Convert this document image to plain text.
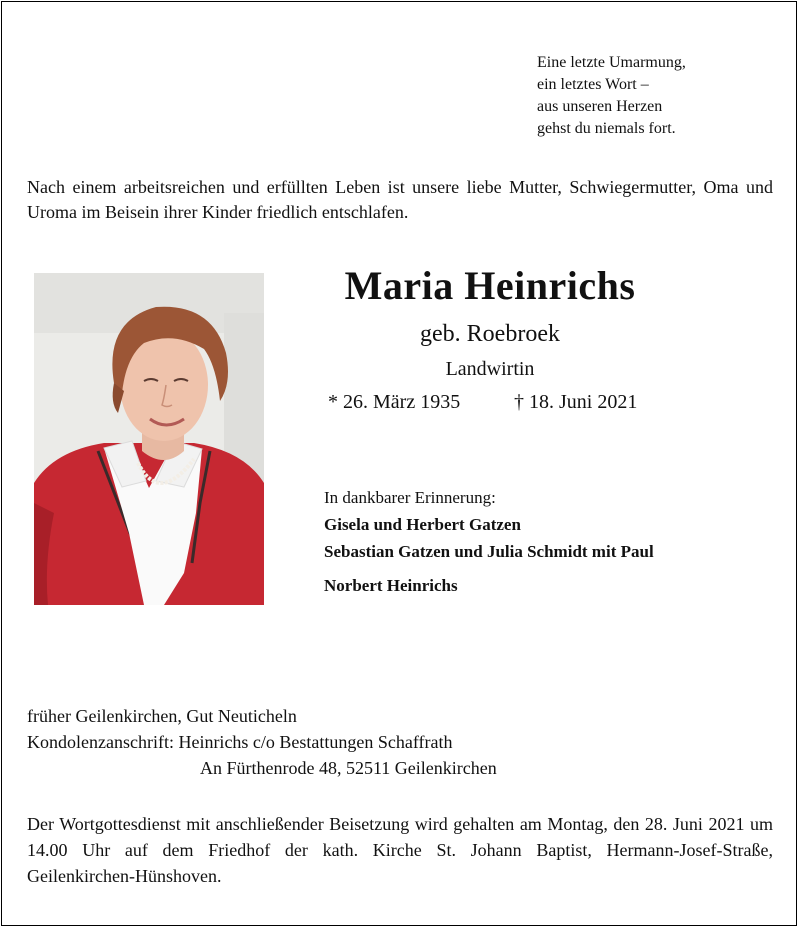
Eine letzte Umarmung,
ein letztes Wort –
aus unseren Herzen
gehst du niemals fort.
Nach einem arbeitsreichen und erfüllten Leben ist unsere liebe Mutter, Schwiegermutter, Oma und Uroma im Beisein ihrer Kinder friedlich entschlafen.
Maria Heinrichs
geb. Roebroek
Landwirtin
* 26. März 1935	† 18. Juni 2021
In dankbarer Erinnerung:
Gisela und Herbert Gatzen
Sebastian Gatzen und Julia Schmidt mit Paul
Norbert Heinrichs
früher Geilenkirchen, Gut Neuticheln
Kondolenzanschrift: Heinrichs c/o Bestattungen Schaffrath
An Fürthenrode 48, 52511 Geilenkirchen
Der Wortgottesdienst mit anschließender Beisetzung wird gehalten am Montag, den 28. Juni 2021 um 14.00 Uhr auf dem Friedhof der kath. Kirche St. Johann Baptist, Hermann-Josef-Straße, Geilenkirchen-Hünshoven.
